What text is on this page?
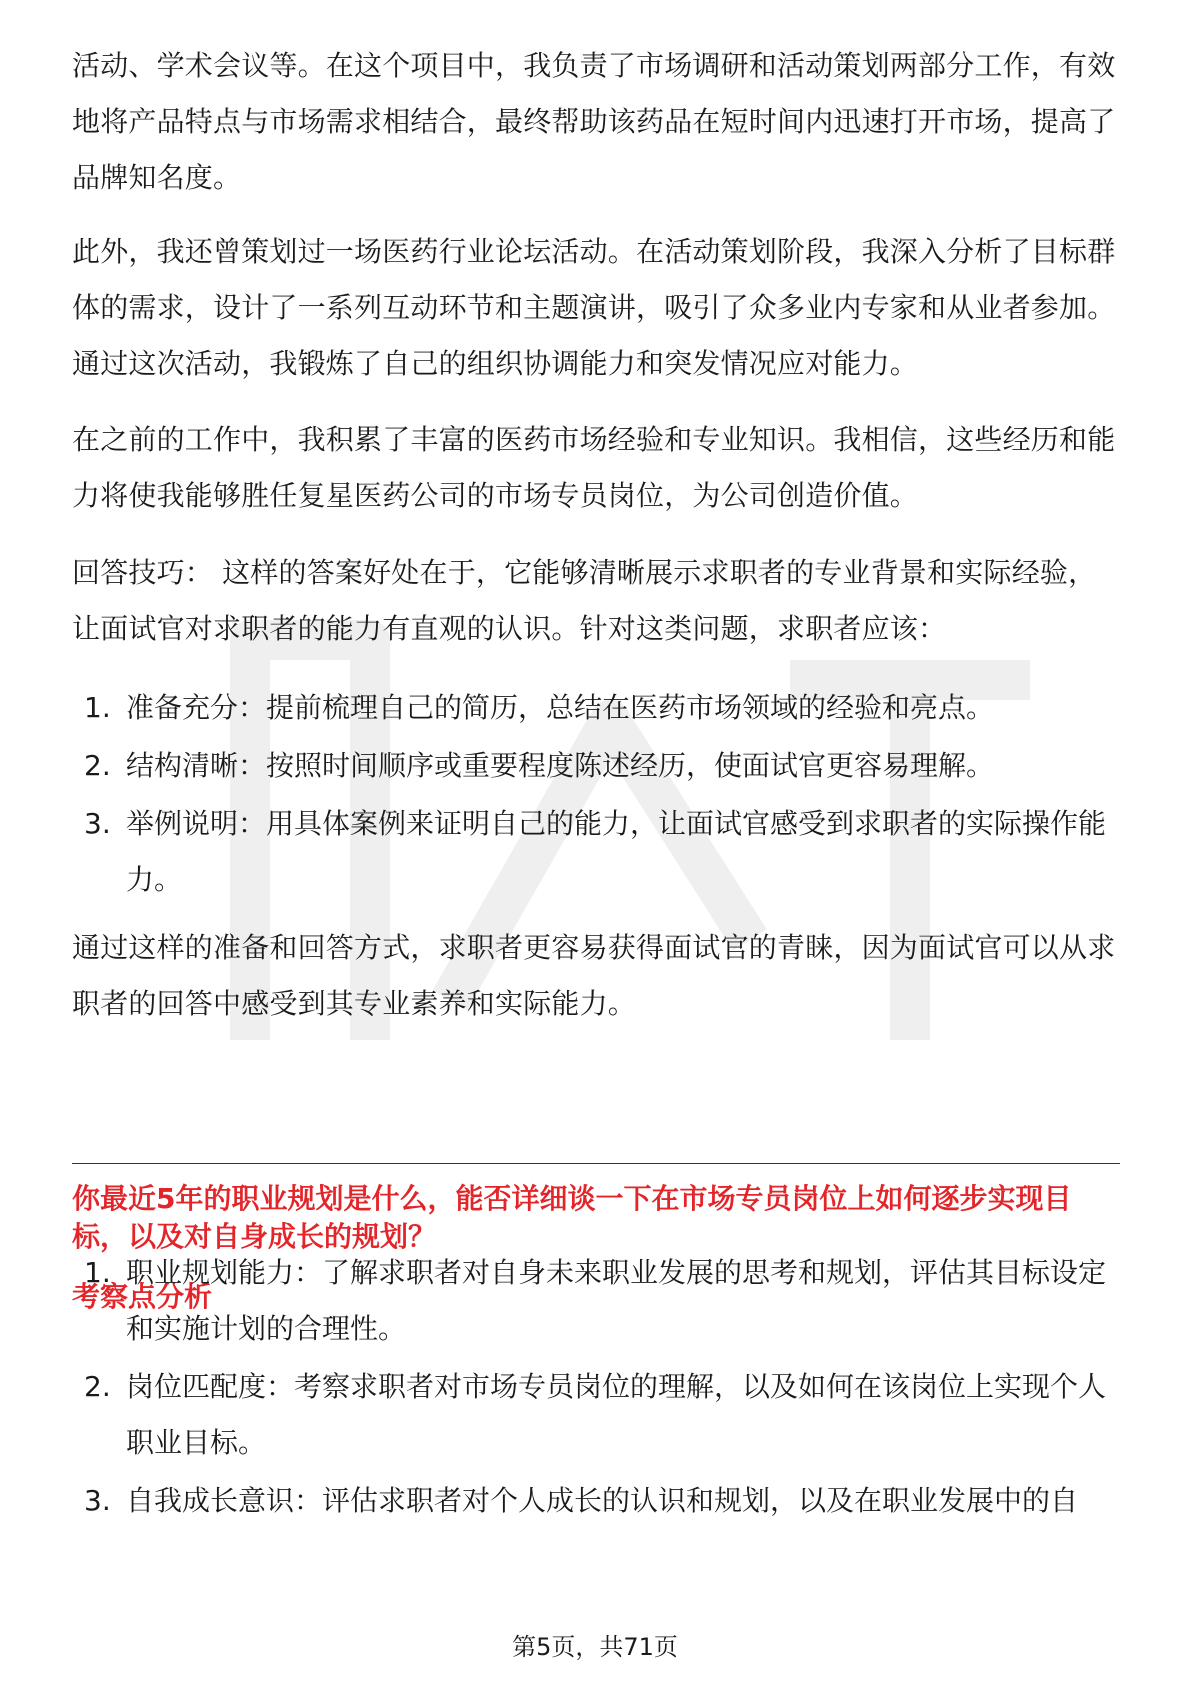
活动、学术会议等。在这个项目中，我负责了市场调研和活动策划两部分工作，有效地将产品特点与市场需求相结合，最终帮助该药品在短时间内迅速打开市场，提高了品牌知名度。

此外，我还曾策划过一场医药行业论坛活动。在活动策划阶段，我深入分析了目标群体的需求，设计了一系列互动环节和主题演讲，吸引了众多业内专家和从业者参加。通过这次活动，我锻炼了自己的组织协调能力和突发情况应对能力。

在之前的工作中，我积累了丰富的医药市场经验和专业知识。我相信，这些经历和能力将使我能够胜任复星医药公司的市场专员岗位，为公司创造价值。

回答技巧： 这样的答案好处在于，它能够清晰展示求职者的专业背景和实际经验，让面试官对求职者的能力有直观的认识。针对这类问题，求职者应该：

1. 准备充分：提前梳理自己的简历，总结在医药市场领域的经验和亮点。
2. 结构清晰：按照时间顺序或重要程度陈述经历，使面试官更容易理解。
3. 举例说明：用具体案例来证明自己的能力，让面试官感受到求职者的实际操作能力。

通过这样的准备和回答方式，求职者更容易获得面试官的青睐，因为面试官可以从求职者的回答中感受到其专业素养和实际能力。

你最近5年的职业规划是什么，能否详细谈一下在市场专员岗位上如何逐步实现目标，以及对自身成长的规划？

考察点分析

1. 职业规划能力：了解求职者对自身未来职业发展的思考和规划，评估其目标设定和实施计划的合理性。
2. 岗位匹配度：考察求职者对市场专员岗位的理解，以及如何在该岗位上实现个人职业目标。
3. 自我成长意识：评估求职者对个人成长的认识和规划，以及在职业发展中的自
第5页，共71页
